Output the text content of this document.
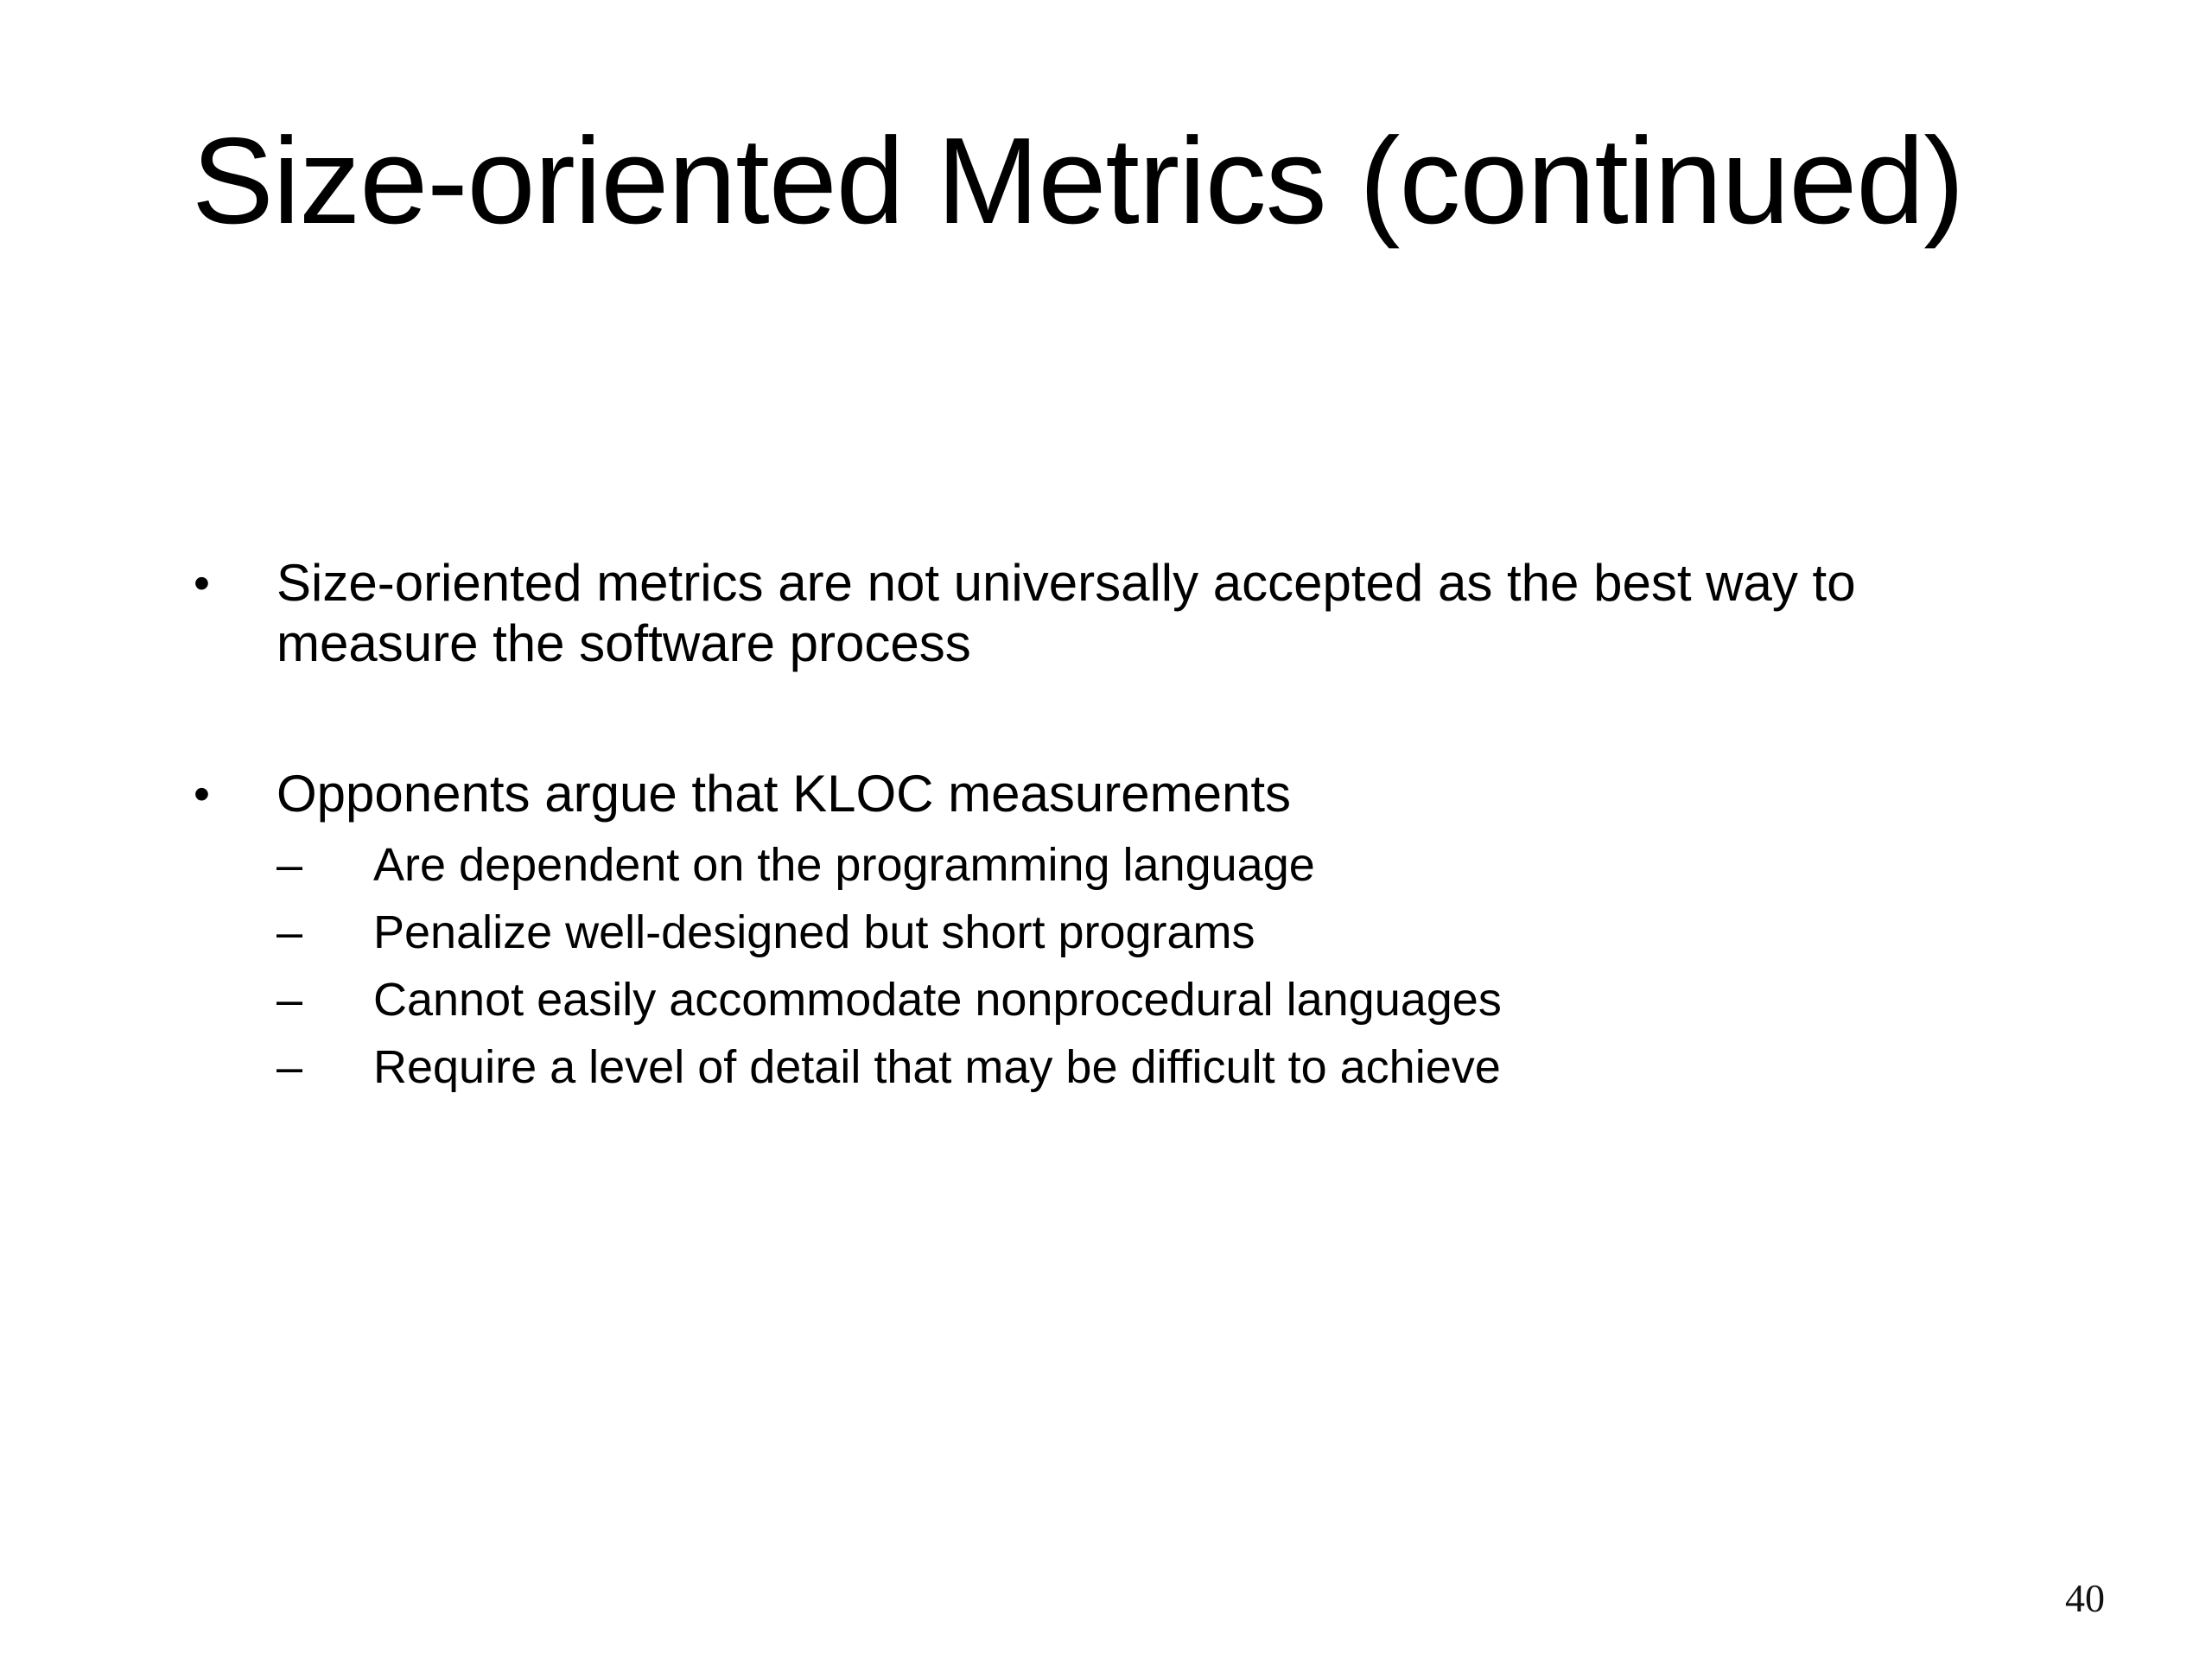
Size-oriented Metrics (continued)
•	Size-oriented metrics are not universally accepted as the best way to measure the software process
•	Opponents argue that KLOC measurements
–	Are dependent on the programming language
–	Penalize well-designed but short programs
–	Cannot easily accommodate nonprocedural languages
–	Require a level of detail that may be difficult to achieve
40
